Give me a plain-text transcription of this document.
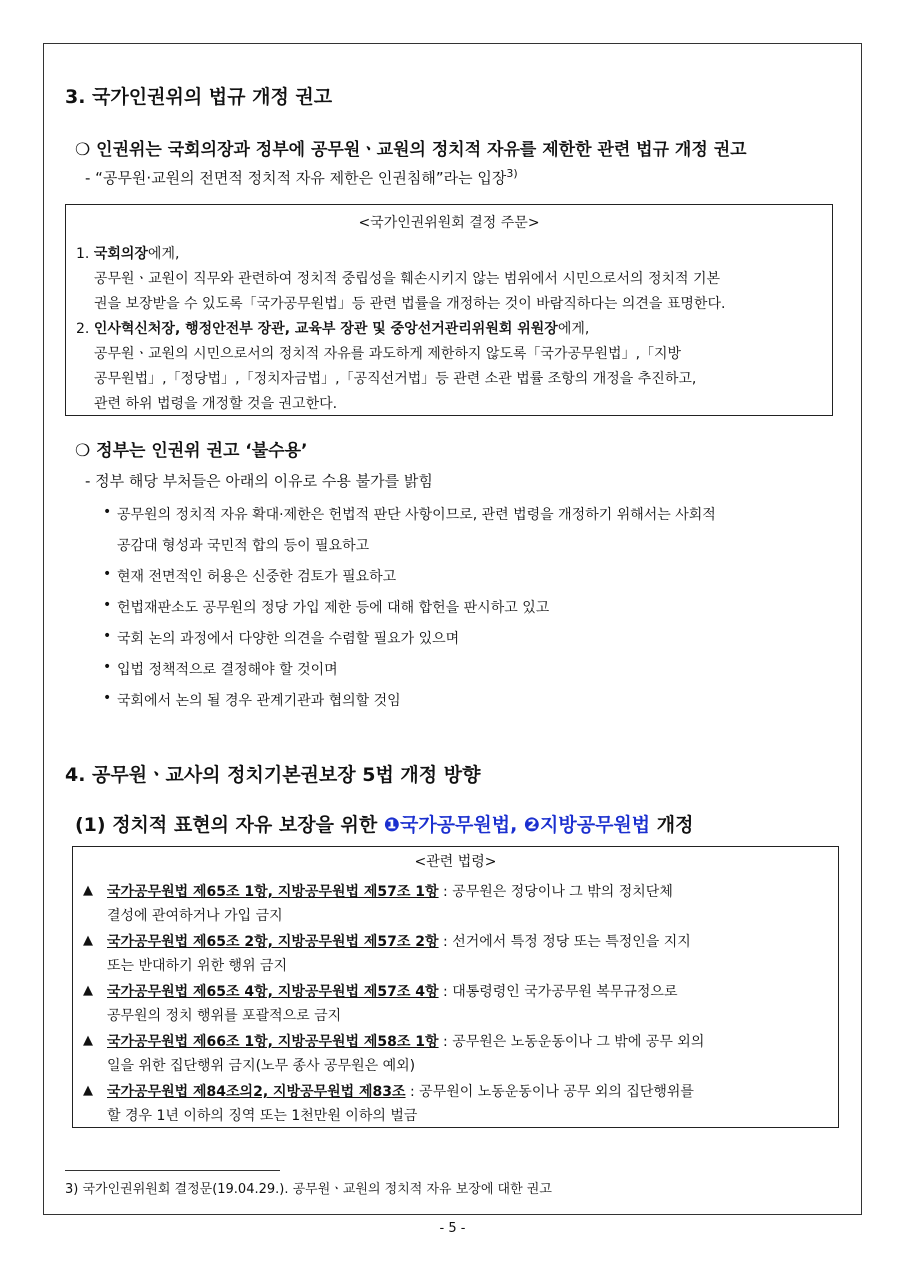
3. 국가인권위의 법규 개정 권고
❍ 인권위는 국회의장과 정부에 공무원ㆍ교원의 정치적 자유를 제한한 관련 법규 개정 권고
- “공무원·교원의 전면적 정치적 자유 제한은 인권침해”라는 입장$^{3)}$
<국가인권위원회 결정 주문>
1. 국회의장에게,
공무원ㆍ교원이 직무와 관련하여 정치적 중립성을 훼손시키지 않는 범위에서 시민으로서의 정치적 기본
권을 보장받을 수 있도록「국가공무원법」등 관련 법률을 개정하는 것이 바람직하다는 의견을 표명한다.
2. 인사혁신처장, 행정안전부 장관, 교육부 장관 및 중앙선거관리위원회 위원장에게,
공무원ㆍ교원의 시민으로서의 정치적 자유를 과도하게 제한하지 않도록「국가공무원법」,「지방
공무원법」,「정당법」,「정치자금법」,「공직선거법」등 관련 소관 법률 조항의 개정을 추진하고,
관련 하위 법령을 개정할 것을 권고한다.
❍ 정부는 인권위 권고 ‘불수용’
- 정부 해당 부처들은 아래의 이유로 수용 불가를 밝힘
• 공무원의 정치적 자유 확대·제한은 헌법적 판단 사항이므로, 관련 법령을 개정하기 위해서는 사회적
공감대 형성과 국민적 합의 등이 필요하고
• 현재 전면적인 허용은 신중한 검토가 필요하고
• 헌법재판소도 공무원의 정당 가입 제한 등에 대해 합헌을 판시하고 있고
• 국회 논의 과정에서 다양한 의견을 수렴할 필요가 있으며
• 입법 정책적으로 결정해야 할 것이며
• 국회에서 논의 될 경우 관계기관과 협의할 것임
4. 공무원ㆍ교사의 정치기본권보장 5법 개정 방향
(1) 정치적 표현의 자유 보장을 위한 ❶국가공무원법, ❷지방공무원법 개정
<관련 법령>
▲ 국가공무원법 제65조 1항, 지방공무원법 제57조 1항 : 공무원은 정당이나 그 밖의 정치단체
결성에 관여하거나 가입 금지
▲ 국가공무원법 제65조 2항, 지방공무원법 제57조 2항 : 선거에서 특정 정당 또는 특정인을 지지
또는 반대하기 위한 행위 금지
▲ 국가공무원법 제65조 4항, 지방공무원법 제57조 4항 : 대통령령인 국가공무원 복무규정으로
공무원의 정치 행위를 포괄적으로 금지
▲ 국가공무원법 제66조 1항, 지방공무원법 제58조 1항 : 공무원은 노동운동이나 그 밖에 공무 외의
일을 위한 집단행위 금지(노무 종사 공무원은 예외)
▲ 국가공무원법 제84조의2, 지방공무원법 제83조 : 공무원이 노동운동이나 공무 외의 집단행위를
할 경우 1년 이하의 징역 또는 1천만원 이하의 벌금
3) 국가인권위원회 결정문(19.04.29.). 공무원ㆍ교원의 정치적 자유 보장에 대한 권고
- 5 -
